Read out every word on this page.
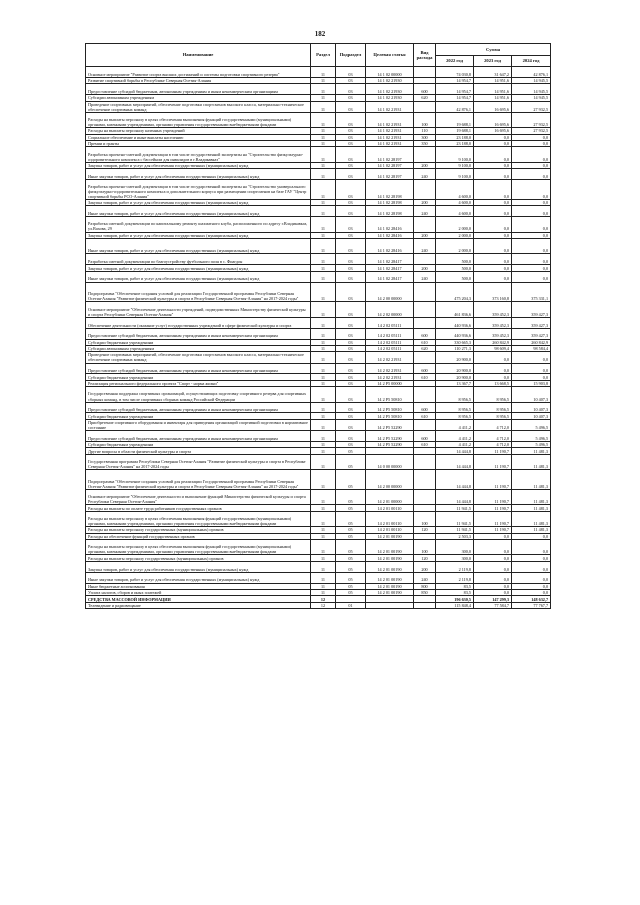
182
Наименование	Раздел	Подраздел	Целевая статья	Вид расхода	Сумма		
					2022 год	2023 год	2024 год
Основное мероприятие "Развитие спорта высших достижений и системы подготовки спортивного резерва"	11	03	14 1 02 00000		74 030,8	31 647,2	42 876,1
Развитие спортивной борьбы в Республике Северная Осетия-Алания	11	03	14 1 02 21930		14 954,7	14 951,6	14 945,5
Предоставление субсидий бюджетным, автономным учреждениям и иным некоммерческим организациям	11	03	14 1 02 21930	600	14 954,7	14 951,6	14 945,5
Субсидии автономным учреждениям	11	03	14 1 02 21930	620	14 954,7	14 951,6	14 945,5
Проведение спортивных мероприятий, обеспечение подготовки спортсменов высокого класса, материально-техническое обеспечение спортивных команд	11	03	14 1 02 21931		42 876,1	16 695,6	27 932,5
Расходы на выплаты персоналу в целях обеспечения выполнения функций государственными (муниципальными) органами, казенными учреждениями, органами управления государственными внебюджетными фондами	11	03	14 1 02 21931	100	19 688,1	16 695,6	27 932,5
Расходы на выплаты персоналу казенных учреждений	11	03	14 1 02 21931	110	19 688,1	16 695,6	27 932,5
Социальное обеспечение и иные выплаты населению	11	03	14 1 02 21931	300	23 188,0	0,0	0,0
Премии и гранты	11	03	14 1 02 21931	350	23 188,0	0,0	0,0
Разработка проектно-сметной документации в том числе государственной экспертизы на "Строительство физкультурно-оздоровительного комплекса с бассейном для инвалидов в г.Владикавказ"	11	03	14 1 02 28197		9 100,0	0,0	0,0
Закупка товаров, работ и услуг для обеспечения государственных (муниципальных) нужд	11	03	14 1 02 28197	200	9 100,0	0,0	0,0
Иные закупки товаров, работ и услуг для обеспечения государственных (муниципальных) нужд	11	03	14 1 02 28197	240	9 100,0	0,0	0,0
Разработка проектно-сметной документации в том числе государственной экспертизы на "Строительство универсального физкультурно-оздоровительного комплекса и дополнительного корпуса при размещении спортсменов на базе ГАУ "Центр спортивной борьбы РСО-Алания"	11	03	14 1 02 28198		4 600,0	0,0	0,0
Закупка товаров, работ и услуг для обеспечения государственных (муниципальных) нужд	11	03	14 1 02 28198	200	4 600,0	0,0	0,0
Иные закупки товаров, работ и услуг для обеспечения государственных (муниципальных) нужд	11	03	14 1 02 28198	240	4 600,0	0,0	0,0
Разработка сметной документации по капитальному ремонту шахматного клуба, расположенного по адресу г.Владикавказ, ул.Вахова, 29	11	03	14 1 02 28416		2 000,0	0,0	0,0
Закупка товаров, работ и услуг для обеспечения государственных (муниципальных) нужд	11	03	14 1 02 28416	200	2 000,0	0,0	0,0
Иные закупки товаров, работ и услуг для обеспечения государственных (муниципальных) нужд	11	03	14 1 02 28416	240	2 000,0	0,0	0,0
Разработка сметной документации по благоустройству футбольного поля в с. Фиагдон	11	03	14 1 02 28417		500,0	0,0	0,0
Закупка товаров, работ и услуг для обеспечения государственных (муниципальных) нужд	11	03	14 1 02 28417	200	500,0	0,0	0,0
Иные закупки товаров, работ и услуг для обеспечения государственных (муниципальных) нужд	11	03	14 1 02 28417	240	500,0	0,0	0,0
Подпрограмма "Обеспечение создания условий для реализации Государственной программы Республики Северная Осетия-Алания "Развитие физической культуры и спорта в Республике Северная Осетия-Алания" на 2017-2024 годы"	11	03	14 2 00 00000		475 204,3	373 160,8	375 331,1
Основное мероприятие "Обеспечение деятельности учреждений, подведомственных Министерству физической культуры и спорта Республики Северная Осетия-Алания"	11	03	14 2 02 00000		461 836,6	359 452,3	359 427,3
Обеспечение деятельности (оказание услуг) государственных учреждений в сфере физической культуры и спорта	11	03	14 2 02 05111		440 936,6	359 452,3	359 427,3
Предоставление субсидий бюджетным, автономным учреждениям и иным некоммерческим организациям	11	03	14 2 02 05111	600	440 936,6	359 452,3	359 427,3
Субсидии бюджетным учреждениям	11	03	14 2 02 05111	610	330 665,3	260 842,9	260 842,9
Субсидии автономным учреждениям	11	03	14 2 02 05111	620	110 271,3	98 609,4	98 584,4
Проведение спортивных мероприятий, обеспечение подготовки спортсменов высокого класса, материально-техническое обеспечение спортивных команд	11	03	14 2 02 21931		20 900,0	0,0	0,0
Предоставление субсидий бюджетным, автономным учреждениям и иным некоммерческим организациям	11	03	14 2 02 21931	600	20 900,0	0,0	0,0
Субсидии бюджетным учреждениям	11	03	14 2 02 21931	610	20 900,0	0,0	0,0
Реализация регионального федерального проекта "Спорт - норма жизни"	11	03	14 2 P5 00000		13 367,7	13 668,5	15 903,8
Государственная поддержка спортивных организаций, осуществляющих подготовку спортивного резерва для спортивных сборных команд, в том числе спортивных сборных команд Российской Федерации	11	03	14 2 P5 50810		8 956,5	8 956,5	10 407,3
Предоставление субсидий бюджетным, автономным учреждениям и иным некоммерческим организациям	11	03	14 2 P5 50810	600	8 956,5	8 956,5	10 407,3
Субсидии бюджетным учреждениям	11	03	14 2 P5 50810	610	8 956,5	8 956,5	10 407,3
Приобретение спортивного оборудования и инвентаря для приведения организаций спортивной подготовки в нормативное состояние	11	03	14 2 P5 52290		4 411,2	4 712,0	5 496,5
Предоставление субсидий бюджетным, автономным учреждениям и иным некоммерческим организациям	11	03	14 2 P5 52290	600	4 411,2	4 712,0	5 496,5
Субсидии бюджетным учреждениям	11	03	14 2 P5 52290	610	4 411,2	4 712,0	5 496,5
Другие вопросы в области физической культуры и спорта	11	05			14 444,8	11 190,7	11 481,3
Государственная программа Республики Северная Осетия-Алания "Развитие физической культуры и спорта в Республике Северная Осетия-Алания" на 2017-2024 годы	11	05	14 0 00 00000		14 444,8	11 190,7	11 481,3
Подпрограмма "Обеспечение создания условий для реализации Государственной программы Республики Северная Осетия-Алания "Развитие физической культуры и спорта в Республике Северная Осетия-Алания" на 2017-2024 годы"	11	05	14 2 00 00000		14 444,8	11 190,7	11 481,3
Основное мероприятие "Обеспечение деятельности и выполнение функций Министерства физической культуры и спорта Республики Северная Осетия-Алания"	11	05	14 2 01 00000		14 444,8	11 190,7	11 481,3
Расходы на выплаты по оплате труда работников государственных органов	11	05	14 2 01 00110		11 941,5	11 190,7	11 481,3
Расходы на выплаты персоналу в целях обеспечения выполнения функций государственными (муниципальными) органами, казенными учреждениями, органами управления государственными внебюджетными фондами	11	05	14 2 01 00110	100	11 941,5	11 190,7	11 481,3
Расходы на выплаты персоналу государственных (муниципальных) органов	11	05	14 2 01 00110	120	11 941,5	11 190,7	11 481,3
Расходы на обеспечение функций государственных органов	11	05	14 2 01 00190		2 503,3	0,0	0,0
Расходы на выплаты персоналу в целях обеспечения выполнения функций государственными (муниципальными) органами, казенными учреждениями, органами управления государственными внебюджетными фондами	11	05	14 2 01 00190	100	300,0	0,0	0,0
Расходы на выплаты персоналу государственных (муниципальных) органов	11	05	14 2 01 00190	120	300,0	0,0	0,0
Закупка товаров, работ и услуг для обеспечения государственных (муниципальных) нужд	11	05	14 2 01 00190	200	2 119,8	0,0	0,0
Иные закупки товаров, работ и услуг для обеспечения государственных (муниципальных) нужд	11	05	14 2 01 00190	240	2 119,8	0,0	0,0
Иные бюджетные ассигнования	11	05	14 2 01 00190	800	83,5	0,0	0,0
Уплата налогов, сборов и иных платежей	11	05	14 2 01 00190	850	83,5	0,0	0,0
СРЕДСТВА МАССОВОЙ ИНФОРМАЦИИ	12				196 630,5	147 299,3	148 632,7
Телевидение и радиовещание	12	01			115 848,4	77 584,7	77 767,7
